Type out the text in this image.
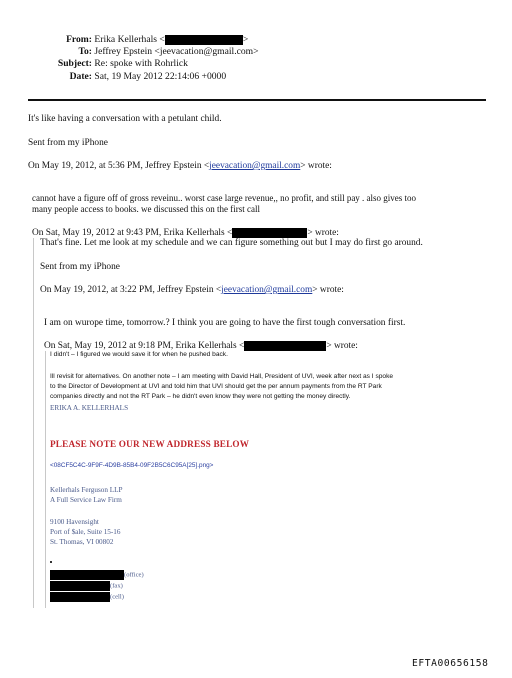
From: Erika Kellerhals <	>
To: Jeffrey Epstein <jeevacation@gmail.com>
Subject: Re: spoke with Rohrlick
Date: Sat, 19 May 2012 22:14:06 +0000
It's like having a conversation with a petulant child.
Sent from my iPhone
On May 19, 2012, at 5:36 PM, Jeffrey Epstein <jeevacation@gmail.com> wrote:
cannot have a figure off of gross reveinu.. worst case large revenue,, no profit, and still pay . also gives too
many people access to books. we discussed this on the first call
On Sat, May 19, 2012 at 9:43 PM, Erika Kellerhals <	> wrote:
That's fine. Let me look at my schedule and we can figure something out but I may do first go around.
Sent from my iPhone
On May 19, 2012, at 3:22 PM, Jeffrey Epstein <jeevacation@gmail.com> wrote:
I am on wurope time, tomorrow.? I think you are going to have the first tough conversation first.
On Sat, May 19, 2012 at 9:18 PM, Erika Kellerhals <	> wrote:
I didn't – I figured we would save it for when he pushed back.
Ill revisit for alternatives. On another note – I am meeting with David Hall, President of UVI, week after next as I spoke
to the Director of Development at UVI and told him that UVI should get the per annum payments from the RT Park
companies directly and not the RT Park – he didn't even know they were not getting the money directly.
ERIKA A. KELLERHALS
PLEASE NOTE OUR NEW ADDRESS BELOW
<08CF5C4C-9F9F-4D9B-85B4-09F2B5C6C95A[25].png>
Kellerhals Ferguson LLP
A Full Service Law Firm
9100 Havensight
Port of $ale, Suite 15-16
St. Thomas, VI 00802
(office)
(fax)
(cell)
EFTA00656158
